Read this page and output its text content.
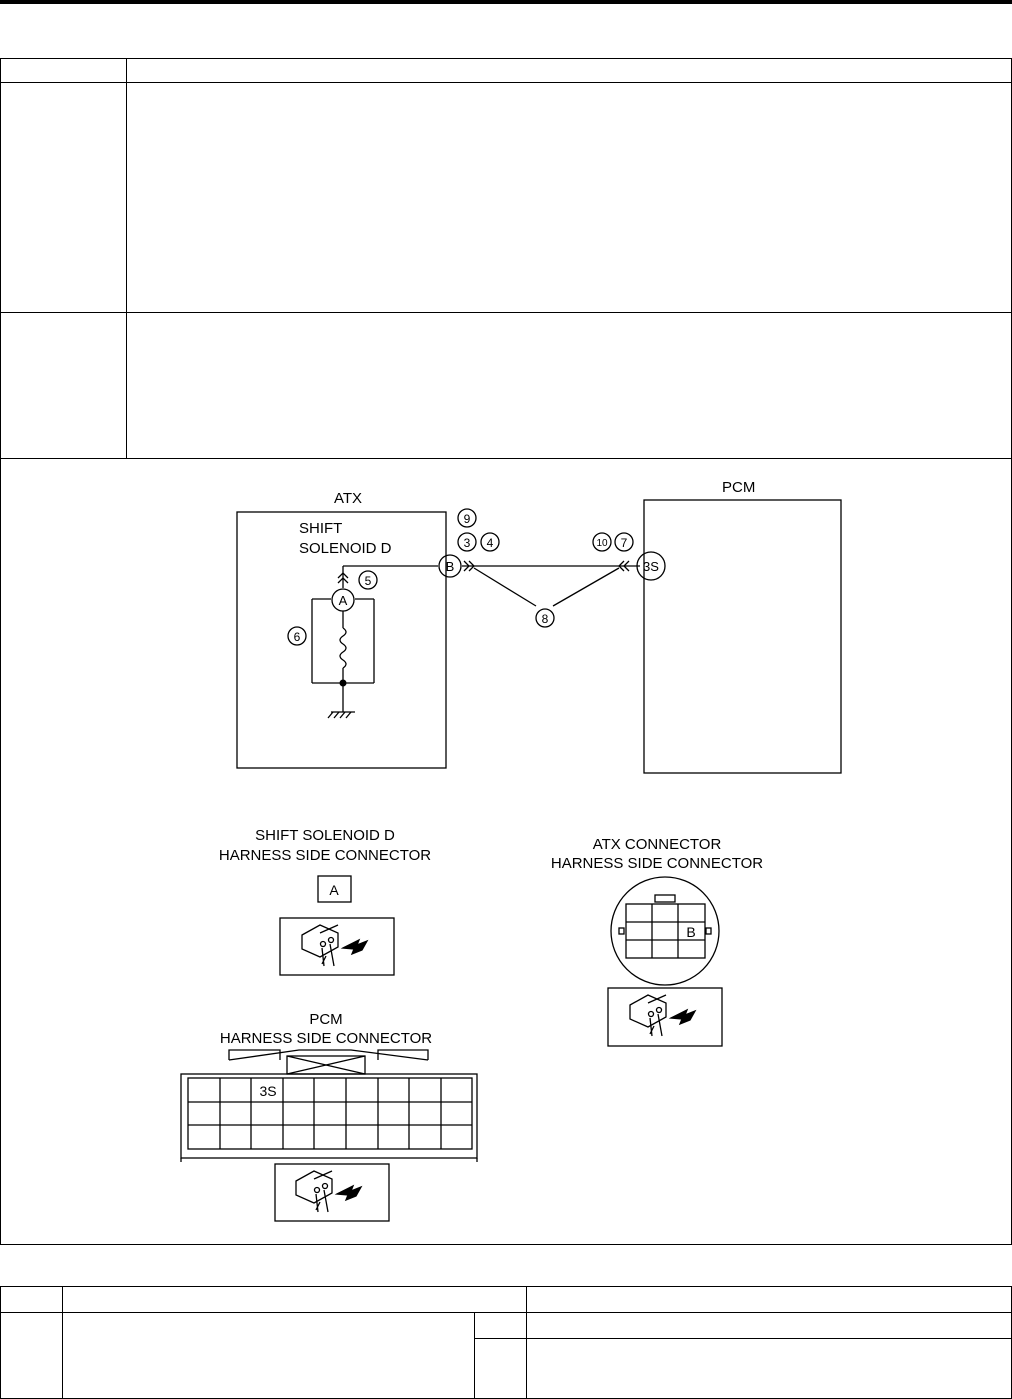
ATX
PCM
SHIFT
SOLENOID D
B	3S
A
9
3 4
5
6
10 7
8
SHIFT SOLENOID D
HARNESS SIDE CONNECTOR
A
ATX CONNECTOR
HARNESS SIDE CONNECTOR
B
PCM
HARNESS SIDE CONNECTOR
3S
